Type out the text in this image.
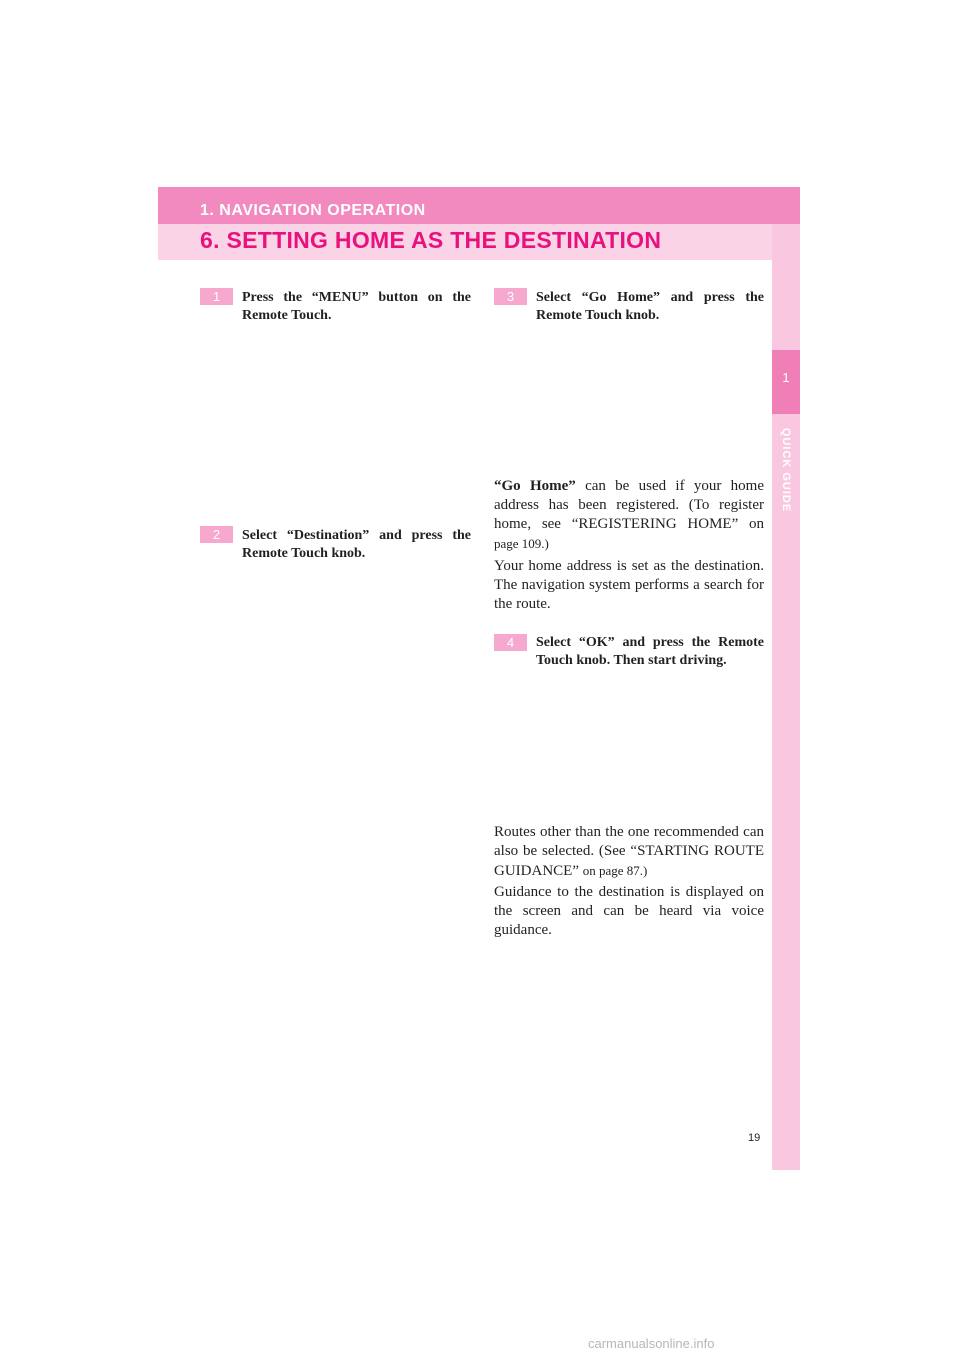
1
QUICK GUIDE
1. NAVIGATION OPERATION
6. SETTING HOME AS THE DESTINATION
1	Press the “MENU” button on the Remote Touch.
2	Select “Destination” and press the Remote Touch knob.
3	Select “Go Home” and press the Remote Touch knob.
“Go Home” can be used if your home address has been registered. (To register home, see “REGISTERING HOME” on page 109.)
Your home address is set as the destination. The navigation system performs a search for the route.
4	Select “OK” and press the Remote Touch knob. Then start driving.
Routes other than the one recommended can also be selected. (See “STARTING ROUTE GUIDANCE” on page 87.)
Guidance to the destination is displayed on the screen and can be heard via voice guidance.
19
carmanualsonline.info
